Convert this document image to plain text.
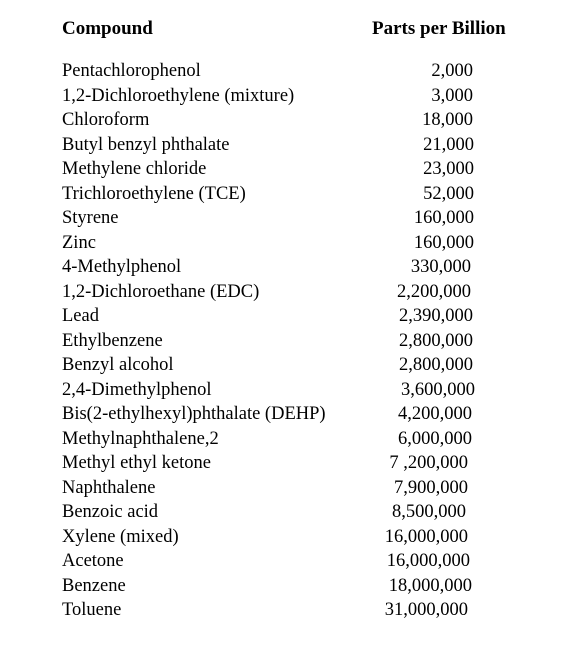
Compound	Parts per Billion
Pentachlorophenol	2,000
1,2-Dichloroethylene (mixture)	3,000
Chloroform	18,000
Butyl benzyl phthalate	21,000
Methylene chloride	23,000
Trichloroethylene (TCE)	52,000
Styrene	160,000
Zinc	160,000
4-Methylphenol	330,000
1,2-Dichloroethane (EDC)	2,200,000
Lead	2,390,000
Ethylbenzene	2,800,000
Benzyl alcohol	2,800,000
2,4-Dimethylphenol	3,600,000
Bis(2-ethylhexyl)phthalate (DEHP)	4,200,000
Methylnaphthalene,2	6,000,000
Methyl ethyl ketone	7 ,200,000
Naphthalene	7,900,000
Benzoic acid	8,500,000
Xylene (mixed)	16,000,000
Acetone	16,000,000
Benzene	18,000,000
Toluene	31,000,000
